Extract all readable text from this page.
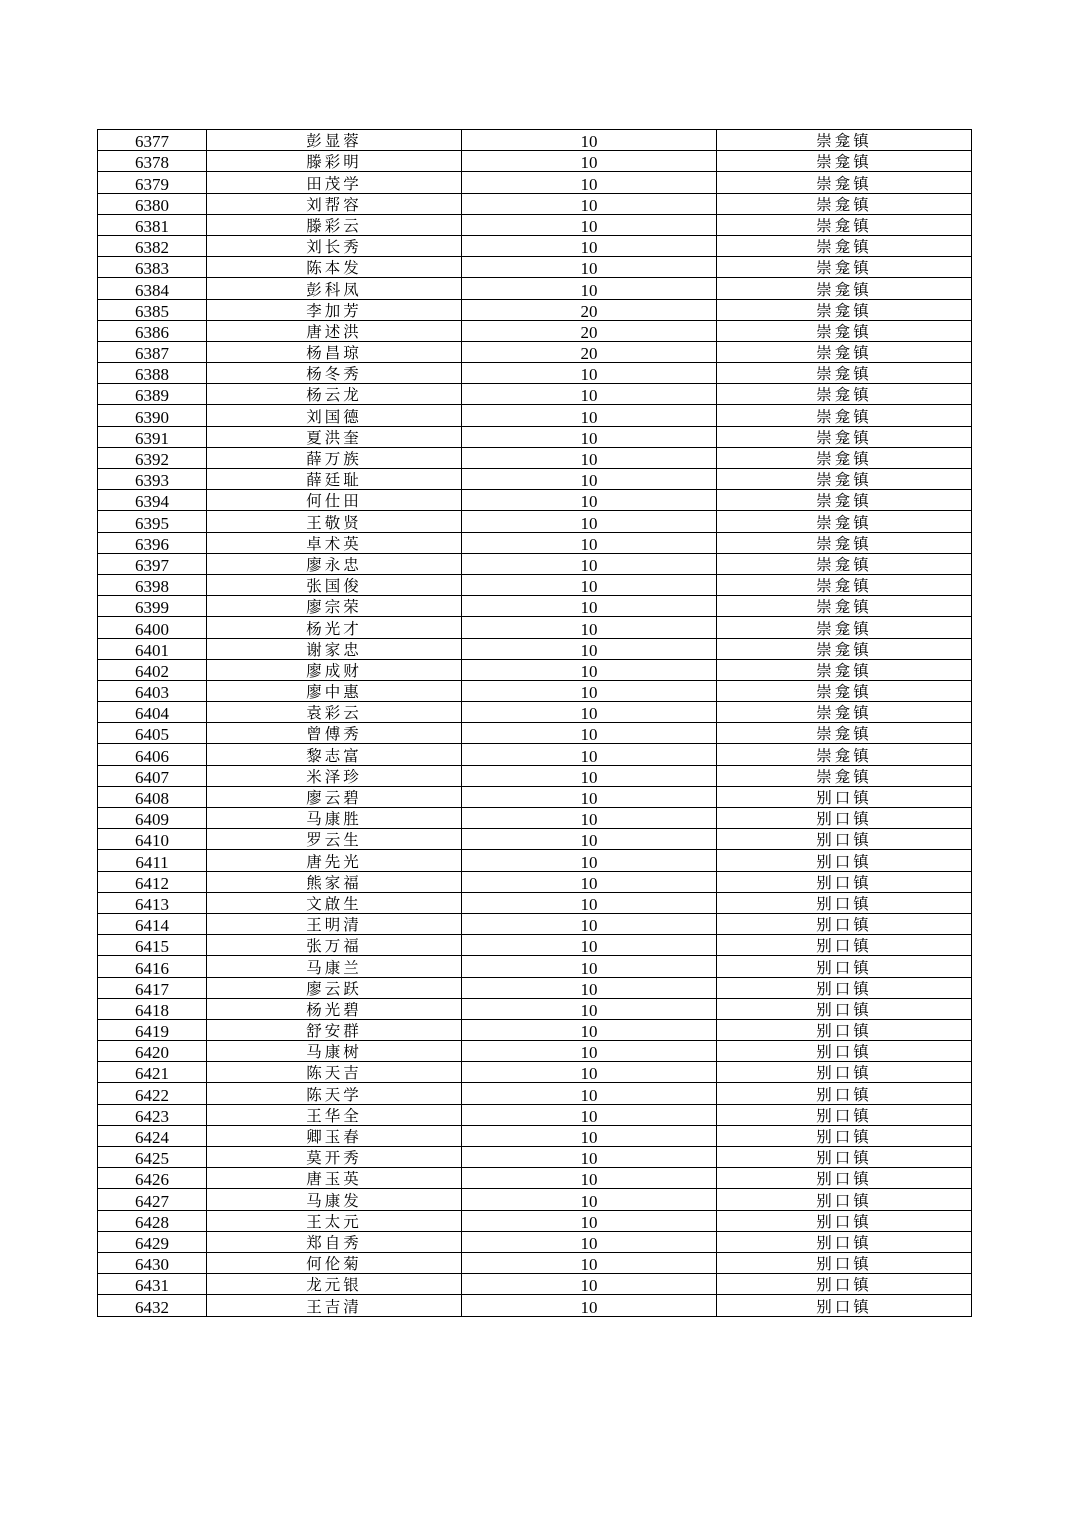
6377	彭显蓉	10	崇龛镇
6378	滕彩明	10	崇龛镇
6379	田茂学	10	崇龛镇
6380	刘帮容	10	崇龛镇
6381	滕彩云	10	崇龛镇
6382	刘长秀	10	崇龛镇
6383	陈本发	10	崇龛镇
6384	彭科凤	10	崇龛镇
6385	李加芳	20	崇龛镇
6386	唐述洪	20	崇龛镇
6387	杨昌琼	20	崇龛镇
6388	杨冬秀	10	崇龛镇
6389	杨云龙	10	崇龛镇
6390	刘国德	10	崇龛镇
6391	夏洪奎	10	崇龛镇
6392	薛万族	10	崇龛镇
6393	薛廷耻	10	崇龛镇
6394	何仕田	10	崇龛镇
6395	王敬贤	10	崇龛镇
6396	卓术英	10	崇龛镇
6397	廖永忠	10	崇龛镇
6398	张国俊	10	崇龛镇
6399	廖宗荣	10	崇龛镇
6400	杨光才	10	崇龛镇
6401	谢家忠	10	崇龛镇
6402	廖成财	10	崇龛镇
6403	廖中惠	10	崇龛镇
6404	袁彩云	10	崇龛镇
6405	曾傅秀	10	崇龛镇
6406	黎志富	10	崇龛镇
6407	米泽珍	10	崇龛镇
6408	廖云碧	10	别口镇
6409	马康胜	10	别口镇
6410	罗云生	10	别口镇
6411	唐先光	10	别口镇
6412	熊家福	10	别口镇
6413	文啟生	10	别口镇
6414	王明清	10	别口镇
6415	张万福	10	别口镇
6416	马康兰	10	别口镇
6417	廖云跃	10	别口镇
6418	杨光碧	10	别口镇
6419	舒安群	10	别口镇
6420	马康树	10	别口镇
6421	陈天吉	10	别口镇
6422	陈天学	10	别口镇
6423	王华全	10	别口镇
6424	卿玉春	10	别口镇
6425	莫开秀	10	别口镇
6426	唐玉英	10	别口镇
6427	马康发	10	别口镇
6428	王太元	10	别口镇
6429	郑自秀	10	别口镇
6430	何伦菊	10	别口镇
6431	龙元银	10	别口镇
6432	王吉清	10	别口镇
